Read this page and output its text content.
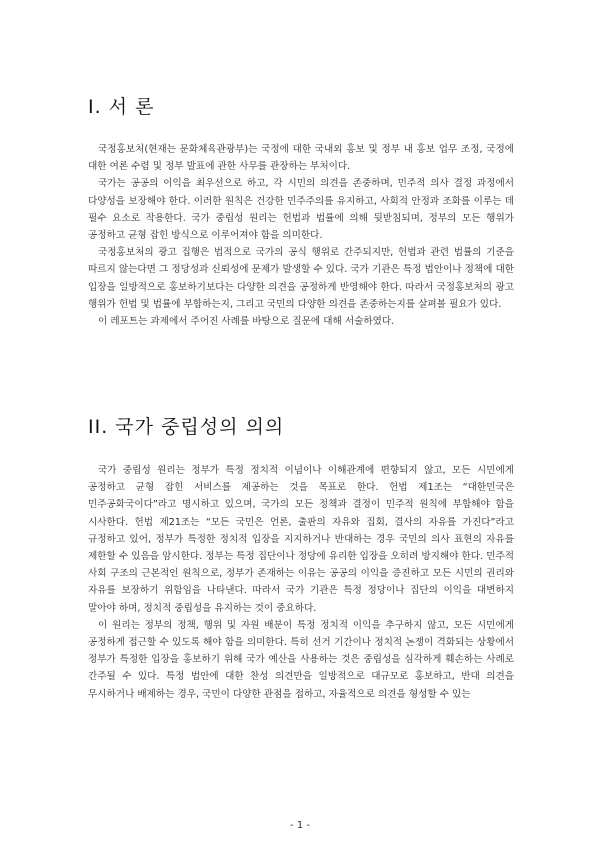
I. 서 론

국정홍보처(현재는 문화체육관광부)는 국정에 대한 국내외 홍보 및 정부 내 홍보 업무 조정, 국정에 대한 여론 수렴 및 정부 발표에 관한 사무를 관장하는 부처이다.

국가는 공공의 이익을 최우선으로 하고, 각 시민의 의견을 존중하며, 민주적 의사 결정 과정에서 다양성을 보장해야 한다. 이러한 원칙은 건강한 민주주의를 유지하고, 사회적 안정과 조화를 이루는 데 필수 요소로 작용한다. 국가 중립성 원리는 헌법과 법률에 의해 뒷받침되며, 정부의 모든 행위가 공정하고 균형 잡힌 방식으로 이루어져야 함을 의미한다.

국정홍보처의 광고 집행은 법적으로 국가의 공식 행위로 간주되지만, 헌법과 관련 법률의 기준을 따르지 않는다면 그 정당성과 신뢰성에 문제가 발생할 수 있다. 국가 기관은 특정 법안이나 정책에 대한 입장을 일방적으로 홍보하기보다는 다양한 의견을 공정하게 반영해야 한다. 따라서 국정홍보처의 광고 행위가 헌법 및 법률에 부합하는지, 그리고 국민의 다양한 의견을 존중하는지를 살펴볼 필요가 있다.

이 레포트는 과제에서 주어진 사례를 바탕으로 질문에 대해 서술하였다.

II. 국가 중립성의 의의

국가 중립성 원리는 정부가 특정 정치적 이념이나 이해관계에 편향되지 않고, 모든 시민에게 공정하고 균형 잡힌 서비스를 제공하는 것을 목표로 한다. 헌법 제1조는 “대한민국은 민주공화국이다”라고 명시하고 있으며, 국가의 모든 정책과 결정이 민주적 원칙에 부합해야 함을 시사한다. 헌법 제21조는 “모든 국민은 언론, 출판의 자유와 집회, 결사의 자유를 가진다”라고 규정하고 있어, 정부가 특정한 정치적 입장을 지지하거나 반대하는 경우 국민의 의사 표현의 자유를 제한할 수 있음을 암시한다. 정부는 특정 집단이나 정당에 유리한 입장을 오히려 방지해야 한다. 민주적 사회 구조의 근본적인 원칙으로, 정부가 존재하는 이유는 공공의 이익을 증진하고 모든 시민의 권리와 자유를 보장하기 위함임을 나타낸다. 따라서 국가 기관은 특정 정당이나 집단의 이익을 대변하지 말아야 하며, 정치적 중립성을 유지하는 것이 중요하다.

이 원리는 정부의 정책, 행위 및 자원 배분이 특정 정치적 이익을 추구하지 않고, 모든 시민에게 공정하게 접근할 수 있도록 해야 함을 의미한다. 특히 선거 기간이나 정치적 논쟁이 격화되는 상황에서 정부가 특정한 입장을 홍보하기 위해 국가 예산을 사용하는 것은 중립성을 심각하게 훼손하는 사례로 간주될 수 있다. 특정 법안에 대한 찬성 의견만을 일방적으로 대규모로 홍보하고, 반대 의견을 무시하거나 배제하는 경우, 국민이 다양한 관점을 접하고, 자율적으로 의견을 형성할 수 있는

- 1 -
